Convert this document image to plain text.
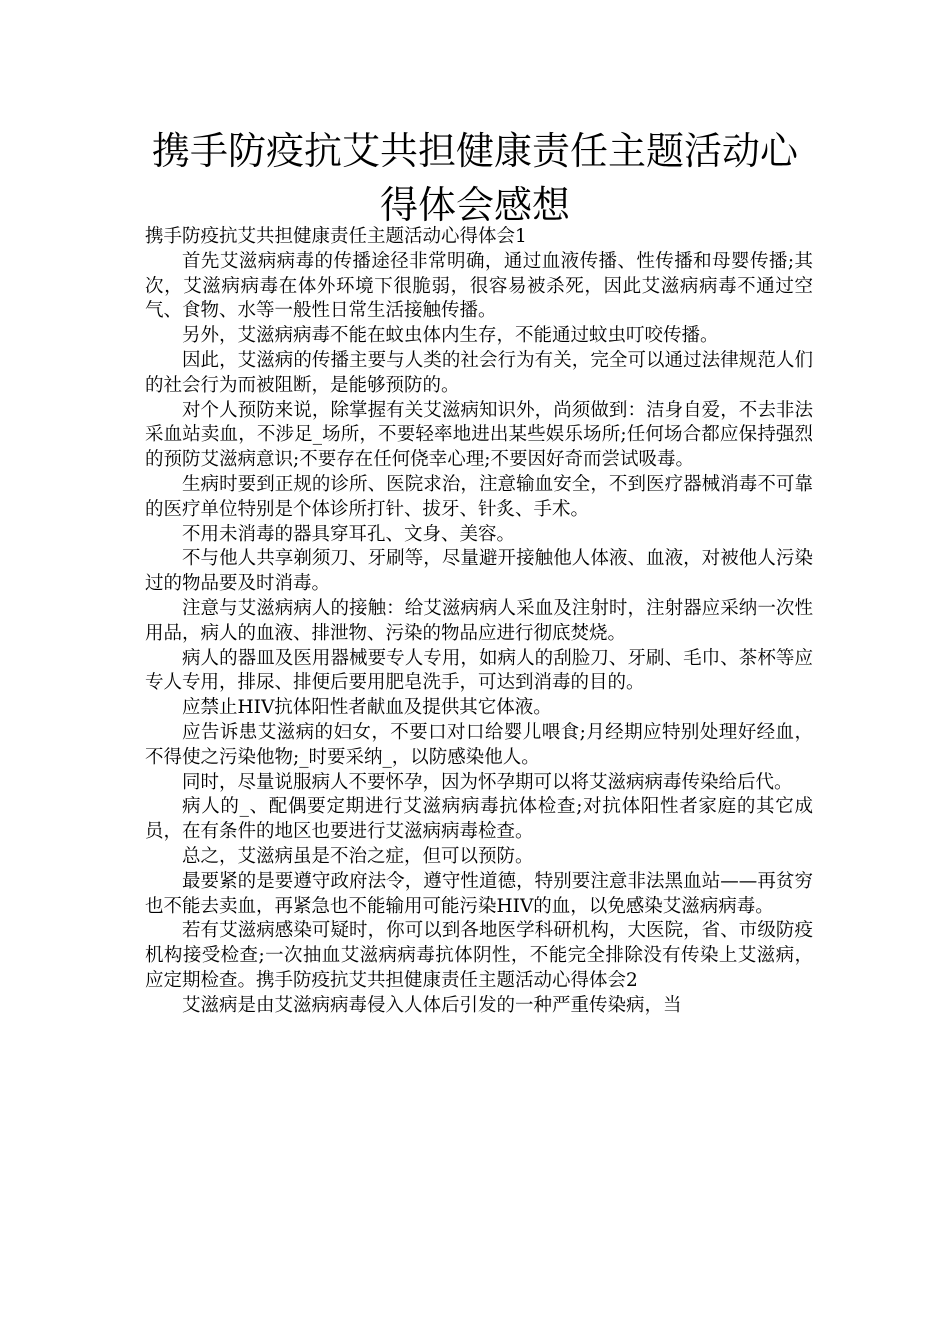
携手防疫抗艾共担健康责任主题活动心
得体会感想

携手防疫抗艾共担健康责任主题活动心得体会1

首先艾滋病病毒的传播途径非常明确，通过血液传播、性传播和母婴传播;其次，艾滋病病毒在体外环境下很脆弱，很容易被杀死，因此艾滋病病毒不通过空气、食物、水等一般性日常生活接触传播。

另外，艾滋病病毒不能在蚊虫体内生存，不能通过蚊虫叮咬传播。

因此，艾滋病的传播主要与人类的社会行为有关，完全可以通过法律规范人们的社会行为而被阻断，是能够预防的。

对个人预防来说，除掌握有关艾滋病知识外，尚须做到：洁身自爱，不去非法采血站卖血，不涉足_场所，不要轻率地进出某些娱乐场所;任何场合都应保持强烈的预防艾滋病意识;不要存在任何侥幸心理;不要因好奇而尝试吸毒。

生病时要到正规的诊所、医院求治，注意输血安全，不到医疗器械消毒不可靠的医疗单位特别是个体诊所打针、拔牙、针炙、手术。

不用未消毒的器具穿耳孔、文身、美容。

不与他人共享剃须刀、牙刷等，尽量避开接触他人体液、血液，对被他人污染过的物品要及时消毒。

注意与艾滋病病人的接触：给艾滋病病人采血及注射时，注射器应采纳一次性用品，病人的血液、排泄物、污染的物品应进行彻底焚烧。

病人的器皿及医用器械要专人专用，如病人的刮脸刀、牙刷、毛巾、茶杯等应专人专用，排尿、排便后要用肥皂洗手，可达到消毒的目的。

应禁止HIV抗体阳性者献血及提供其它体液。

应告诉患艾滋病的妇女，不要口对口给婴儿喂食;月经期应特别处理好经血，不得使之污染他物;_时要采纳_，以防感染他人。

同时，尽量说服病人不要怀孕，因为怀孕期可以将艾滋病病毒传染给后代。

病人的_、配偶要定期进行艾滋病病毒抗体检查;对抗体阳性者家庭的其它成员，在有条件的地区也要进行艾滋病病毒检查。

总之，艾滋病虽是不治之症，但可以预防。

最要紧的是要遵守政府法令，遵守性道德，特别要注意非法黑血站——再贫穷也不能去卖血，再紧急也不能输用可能污染HIV的血，以免感染艾滋病病毒。

若有艾滋病感染可疑时，你可以到各地医学科研机构，大医院，省、市级防疫机构接受检查;一次抽血艾滋病病毒抗体阴性，不能完全排除没有传染上艾滋病，应定期检查。携手防疫抗艾共担健康责任主题活动心得体会2

艾滋病是由艾滋病病毒侵入人体后引发的一种严重传染病，当
